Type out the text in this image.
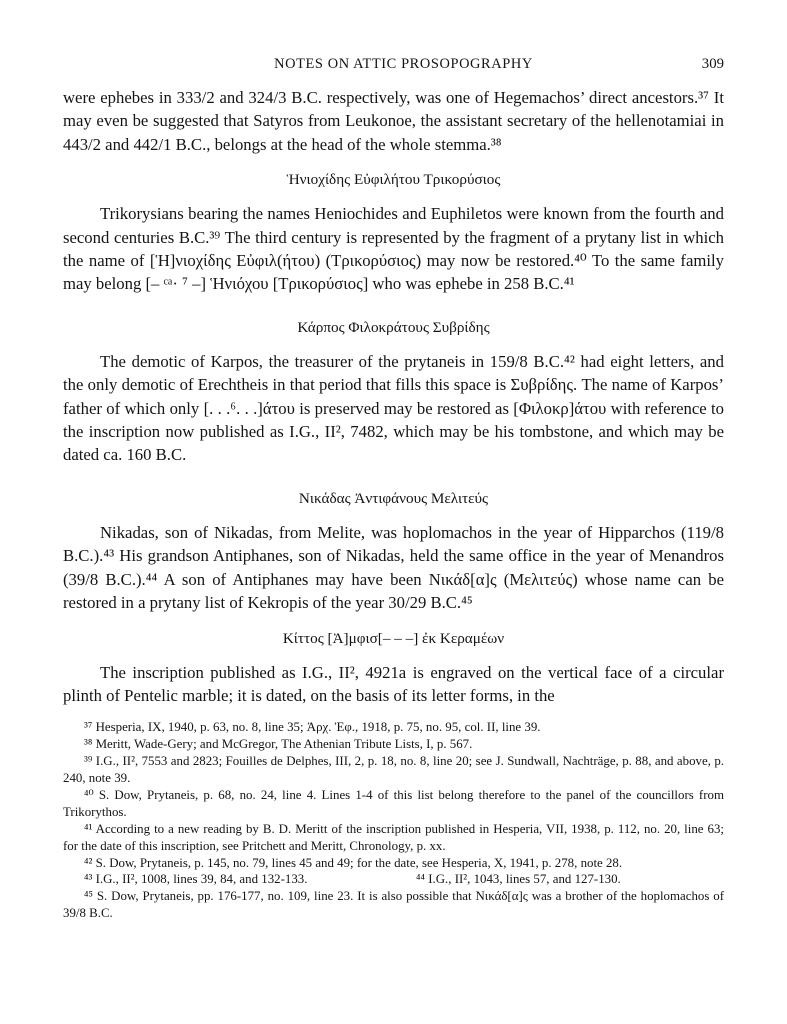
NOTES ON ATTIC PROSOPOGRAPHY	309

were ephebes in 333/2 and 324/3 B.C. respectively, was one of Hegemachos’ direct ancestors.³⁷ It may even be suggested that Satyros from Leukonoe, the assistant secretary of the hellenotamiai in 443/2 and 442/1 B.C., belongs at the head of the whole stemma.³⁸

Ἡνιοχίδης Εὐφιλήτου Τρικορύσιος

Trikorysians bearing the names Heniochides and Euphiletos were known from the fourth and second centuries B.C.³⁹ The third century is represented by the fragment of a prytany list in which the name of [Ἡ]νιοχίδης Εὐφιλ(ήτου) (Τρικορύσιος) may now be restored.⁴⁰ To the same family may belong [– ᶜᵃ· ⁷ –] Ἡνιόχου [Τρικορύσιος] who was ephebe in 258 B.C.⁴¹

Κάρπος Φιλοκράτους Συβρίδης

The demotic of Karpos, the treasurer of the prytaneis in 159/8 B.C.⁴² had eight letters, and the only demotic of Erechtheis in that period that fills this space is Συβρίδης. The name of Karpos’ father of which only [. . .⁶. . .]άτου is preserved may be restored as [Φιλοκρ]άτου with reference to the inscription now published as I.G., II², 7482, which may be his tombstone, and which may be dated ca. 160 B.C.

Νικάδας Ἀντιφάνους Μελιτεύς

Nikadas, son of Nikadas, from Melite, was hoplomachos in the year of Hipparchos (119/8 B.C.).⁴³ His grandson Antiphanes, son of Nikadas, held the same office in the year of Menandros (39/8 B.C.).⁴⁴ A son of Antiphanes may have been Νικάδ[α]ς (Μελιτεύς) whose name can be restored in a prytany list of Kekropis of the year 30/29 B.C.⁴⁵

Κίττος [Ἀ]μφισ[– – –] ἐκ Κεραμέων

The inscription published as I.G., II², 4921a is engraved on the vertical face of a circular plinth of Pentelic marble; it is dated, on the basis of its letter forms, in the

³⁷ Hesperia, IX, 1940, p. 63, no. 8, line 35; Ἀρχ. Ἐφ., 1918, p. 75, no. 95, col. II, line 39.

³⁸ Meritt, Wade-Gery; and McGregor, The Athenian Tribute Lists, I, p. 567.

³⁹ I.G., II², 7553 and 2823; Fouilles de Delphes, III, 2, p. 18, no. 8, line 20; see J. Sundwall, Nachträge, p. 88, and above, p. 240, note 39.

⁴⁰ S. Dow, Prytaneis, p. 68, no. 24, line 4. Lines 1-4 of this list belong therefore to the panel of the councillors from Trikorythos.

⁴¹ According to a new reading by B. D. Meritt of the inscription published in Hesperia, VII, 1938, p. 112, no. 20, line 63; for the date of this inscription, see Pritchett and Meritt, Chronology, p. xx.

⁴² S. Dow, Prytaneis, p. 145, no. 79, lines 45 and 49; for the date, see Hesperia, X, 1941, p. 278, note 28.

⁴³ I.G., II², 1008, lines 39, 84, and 132-133.	⁴⁴ I.G., II², 1043, lines 57, and 127-130.

⁴⁵ S. Dow, Prytaneis, pp. 176-177, no. 109, line 23. It is also possible that Νικάδ[α]ς was a brother of the hoplomachos of 39/8 B.C.
